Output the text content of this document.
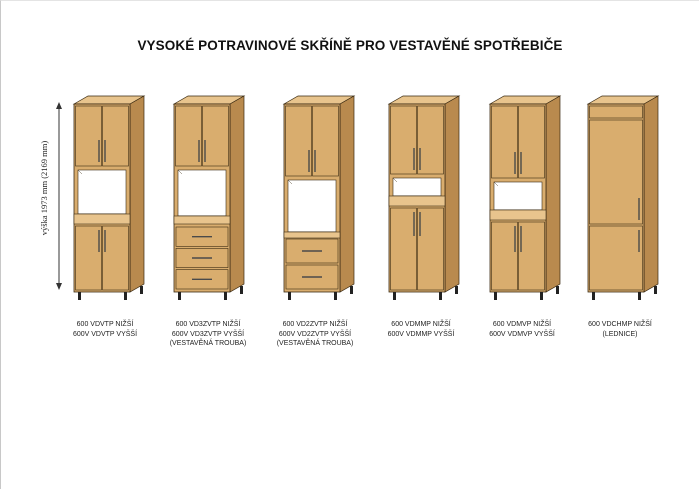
VYSOKÉ POTRAVINOVÉ SKŘÍNĚ PRO VESTAVĚNÉ SPOTŘEBIČE
výška 1973 mm (2169 mm)
600 VDVTP NIŽŠÍ
600V VDVTP VYŠŠÍ
600 VD3ZVTP NIŽŠÍ
600V VD3ZVTP VYŠŠÍ
(VESTAVĚNÁ TROUBA)
600 VD2ZVTP NIŽŠÍ
600V VD2ZVTP VYŠŠÍ
(VESTAVĚNÁ TROUBA)
600 VDMMP NIŽŠÍ
600V VDMMP VYŠŠÍ
600 VDMVP NIŽŠÍ
600V VDMVP VYŠŠÍ
600 VDCHMP NIŽŠÍ
(LEDNICE)
